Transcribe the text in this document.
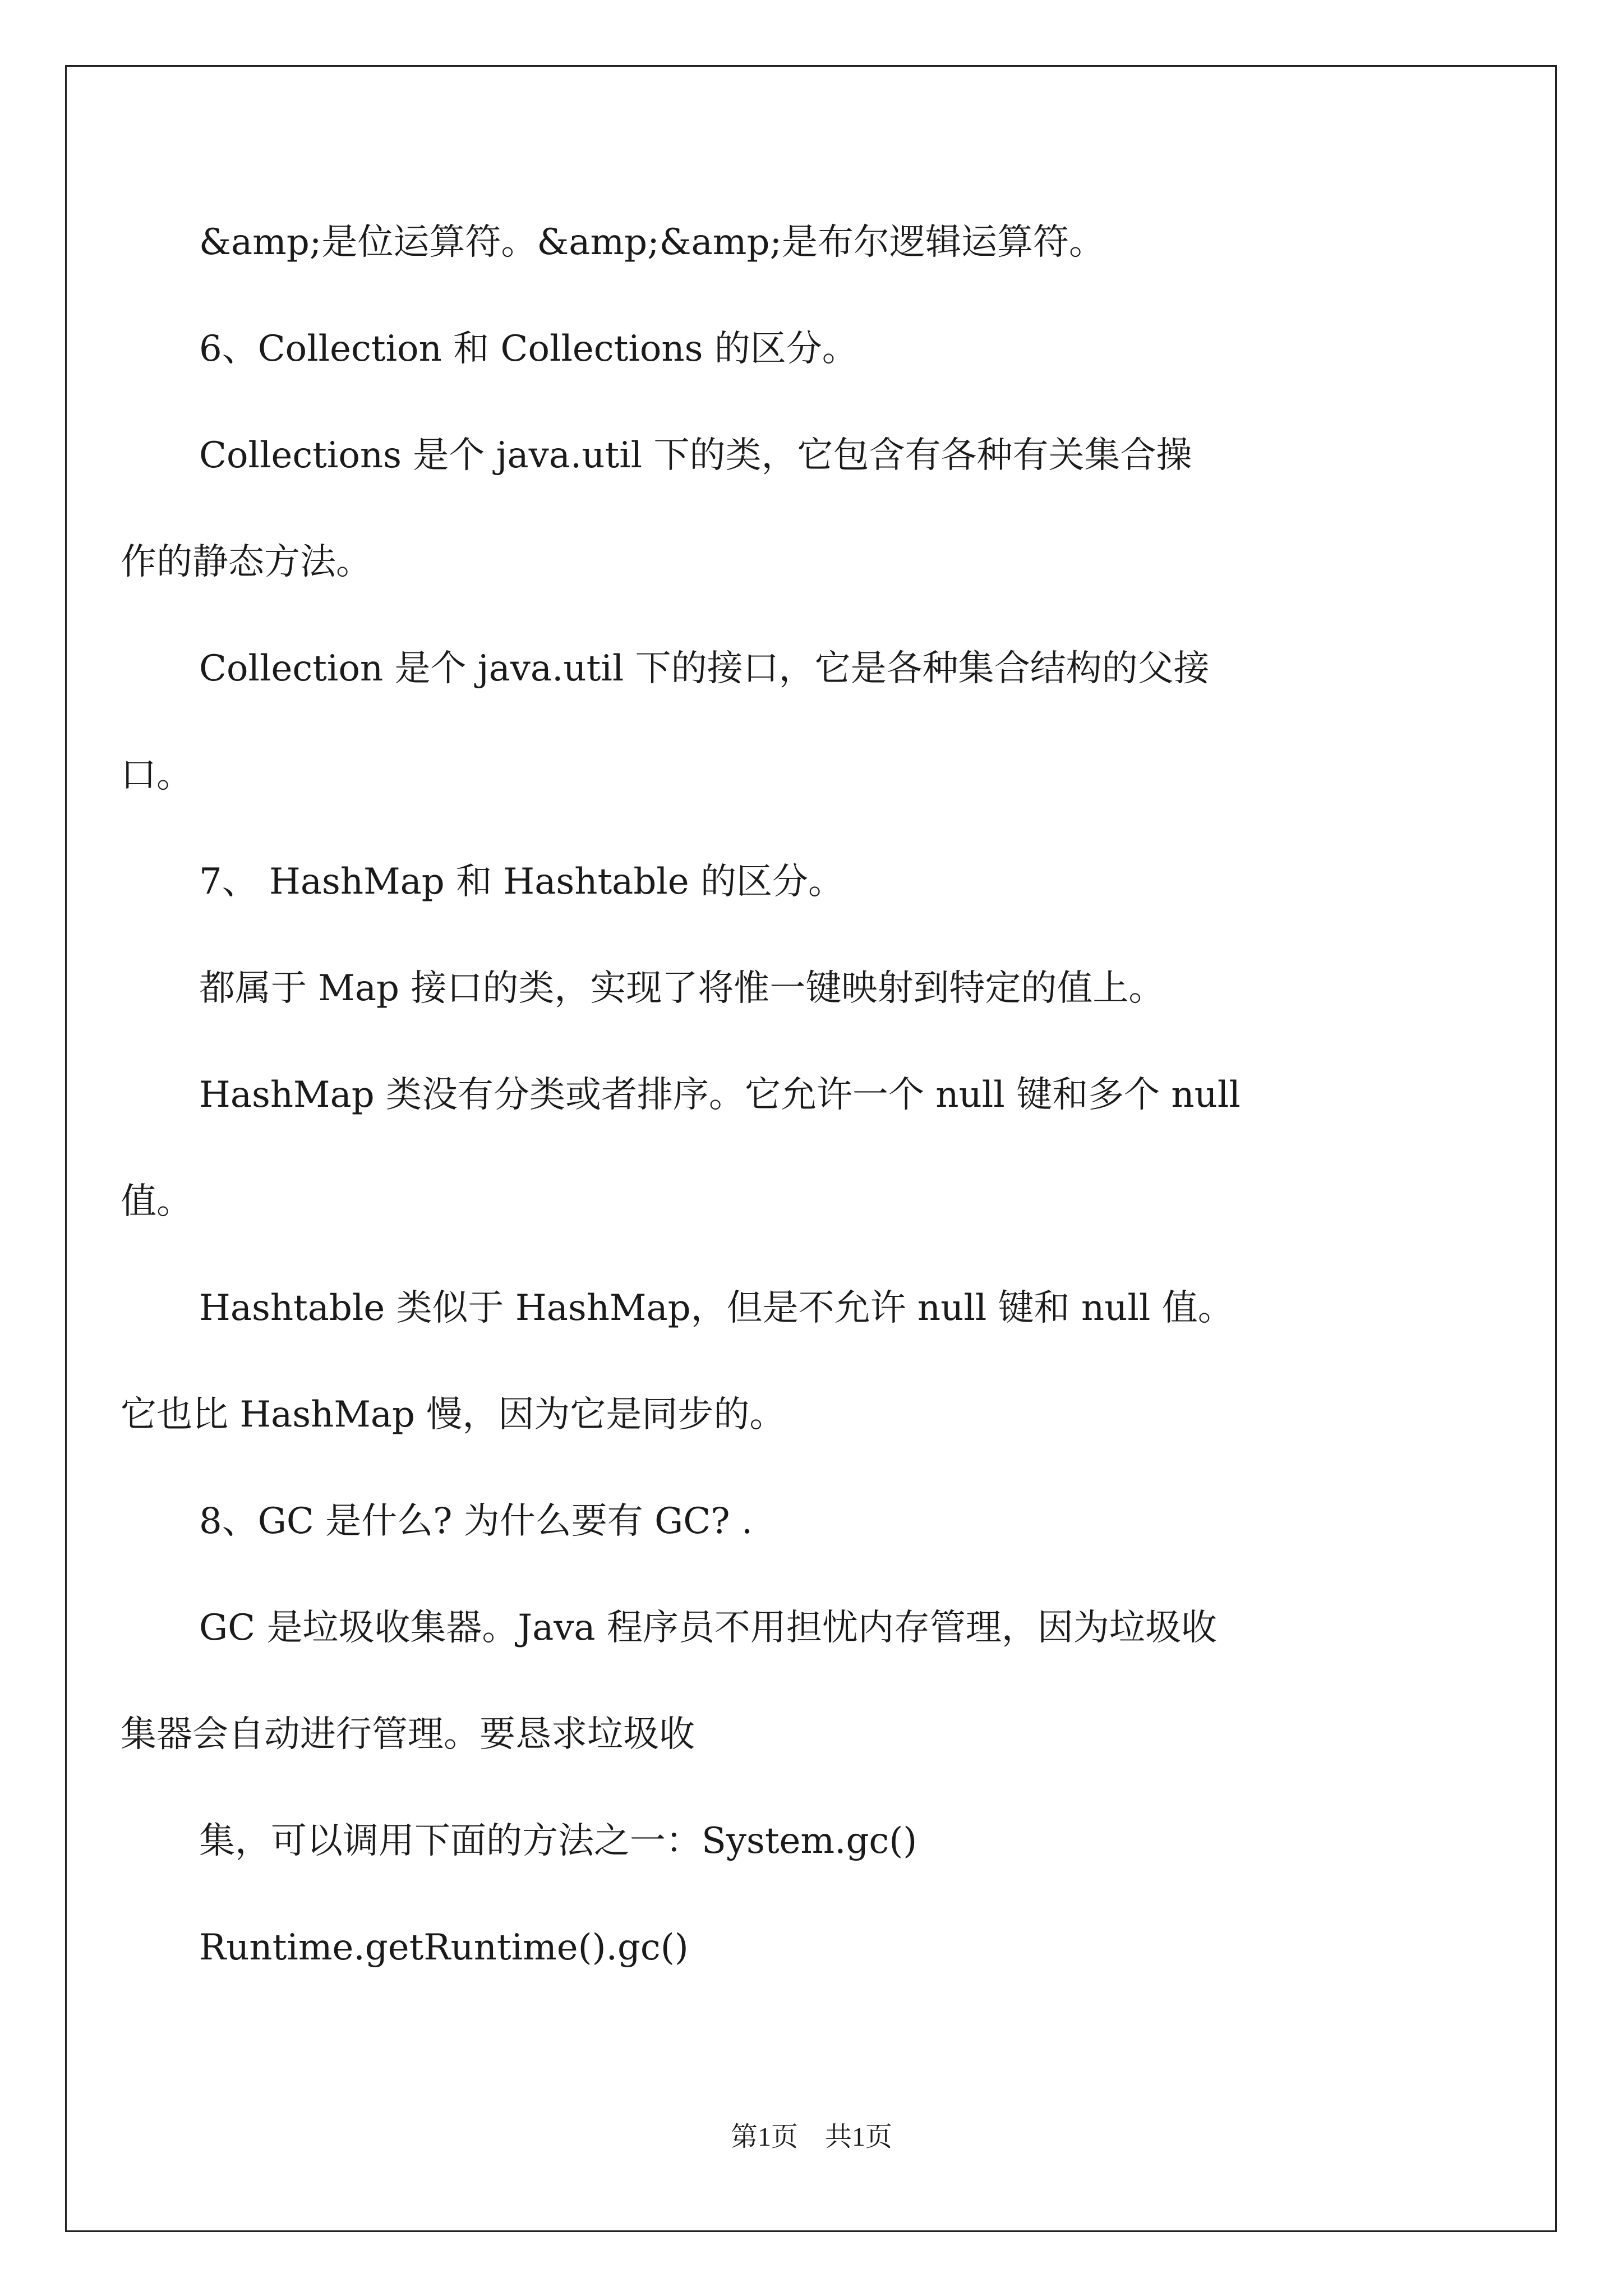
&amp;是位运算符。&amp;&amp;是布尔逻辑运算符。
6、Collection 和 Collections 的区分。
Collections 是个 java.util 下的类，它包含有各种有关集合操
作的静态方法。
Collection 是个 java.util 下的接口，它是各种集合结构的父接
口。
7、 HashMap 和 Hashtable 的区分。
都属于 Map 接口的类，实现了将惟一键映射到特定的值上。
HashMap 类没有分类或者排序。它允许一个 null 键和多个 null
值。
Hashtable 类似于 HashMap，但是不允许 null 键和 null 值。
它也比 HashMap 慢，因为它是同步的。
8、GC 是什么? 为什么要有 GC? .
GC 是垃圾收集器。Java 程序员不用担忧内存管理，因为垃圾收
集器会自动进行管理。要恳求垃圾收
集，可以调用下面的方法之一：System.gc()
Runtime.getRuntime().gc()
第1页　共1页
